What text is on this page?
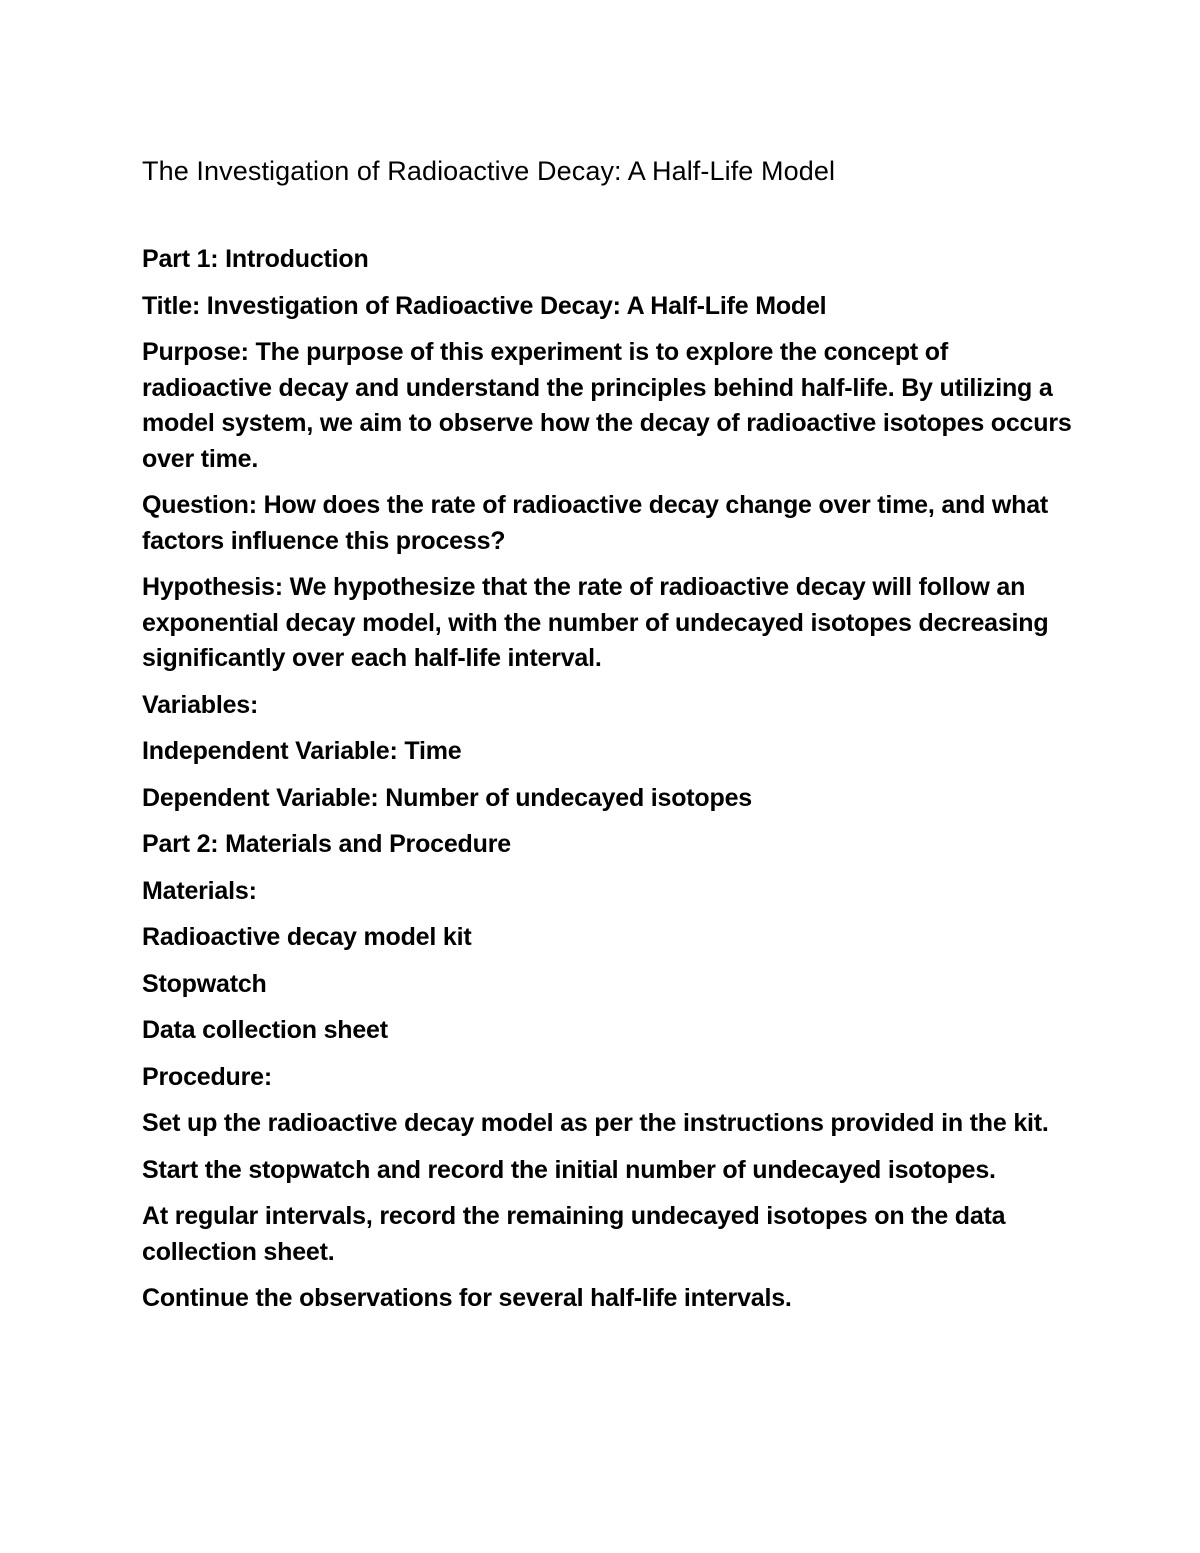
The Investigation of Radioactive Decay: A Half-Life Model
Part 1: Introduction
Title: Investigation of Radioactive Decay: A Half-Life Model
Purpose: The purpose of this experiment is to explore the concept of radioactive decay and understand the principles behind half-life. By utilizing a model system, we aim to observe how the decay of radioactive isotopes occurs over time.
Question: How does the rate of radioactive decay change over time, and what factors influence this process?
Hypothesis: We hypothesize that the rate of radioactive decay will follow an exponential decay model, with the number of undecayed isotopes decreasing significantly over each half-life interval.
Variables:
Independent Variable: Time
Dependent Variable: Number of undecayed isotopes
Part 2: Materials and Procedure
Materials:
Radioactive decay model kit
Stopwatch
Data collection sheet
Procedure:
Set up the radioactive decay model as per the instructions provided in the kit.
Start the stopwatch and record the initial number of undecayed isotopes.
At regular intervals, record the remaining undecayed isotopes on the data collection sheet.
Continue the observations for several half-life intervals.
